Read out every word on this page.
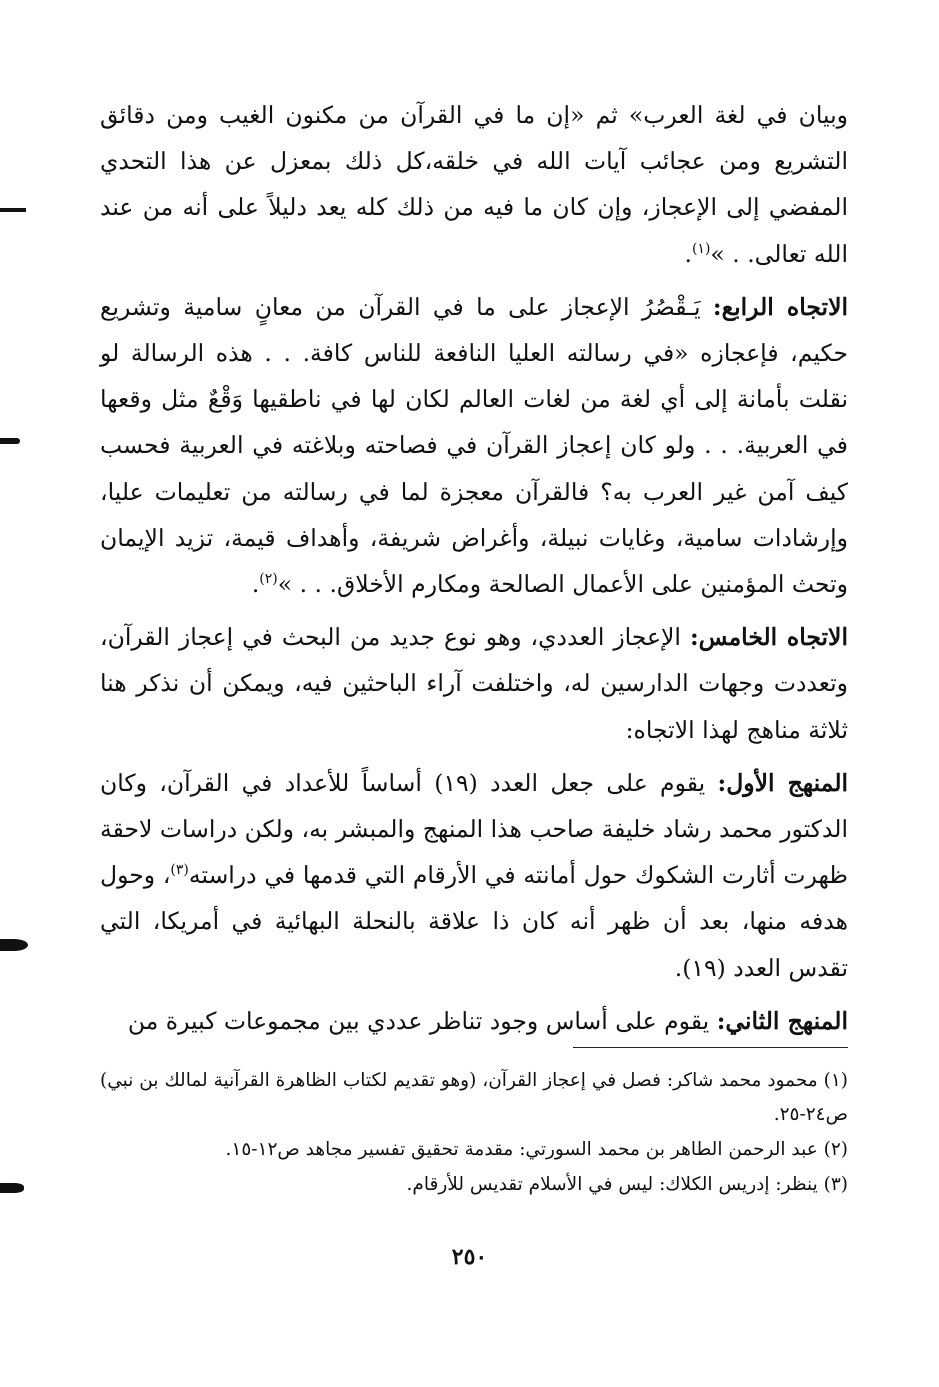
وبيان في لغة العرب» ثم «إن ما في القرآن من مكنون الغيب ومن دقائق التشريع ومن عجائب آيات الله في خلقه،كل ذلك بمعزل عن هذا التحدي المفضي إلى الإعجاز، وإن كان ما فيه من ذلك كله يعد دليلاً على أنه من عند الله تعالى. . »$^{(١)}$.

الاتجاه الرابع: يَـقْصُرُ الإعجاز على ما في القرآن من معانٍ سامية وتشريع حكيم، فإعجازه «في رسالته العليا النافعة للناس كافة. . . هذه الرسالة لو نقلت بأمانة إلى أي لغة من لغات العالم لكان لها في ناطقيها وَقْعٌ مثل وقعها في العربية. . . ولو كان إعجاز القرآن في فصاحته وبلاغته في العربية فحسب كيف آمن غير العرب به؟ فالقرآن معجزة لما في رسالته من تعليمات عليا، وإرشادات سامية، وغايات نبيلة، وأغراض شريفة، وأهداف قيمة، تزيد الإيمان وتحث المؤمنين على الأعمال الصالحة ومكارم الأخلاق. . . »$^{(٢)}$.

الاتجاه الخامس: الإعجاز العددي، وهو نوع جديد من البحث في إعجاز القرآن، وتعددت وجهات الدارسين له، واختلفت آراء الباحثين فيه، ويمكن أن نذكر هنا ثلاثة مناهج لهذا الاتجاه:

المنهج الأول: يقوم على جعل العدد (١٩) أساساً للأعداد في القرآن، وكان الدكتور محمد رشاد خليفة صاحب هذا المنهج والمبشر به، ولكن دراسات لاحقة ظهرت أثارت الشكوك حول أمانته في الأرقام التي قدمها في دراسته$^{(٣)}$، وحول هدفه منها، بعد أن ظهر أنه كان ذا علاقة بالنحلة البهائية في أمريكا، التي تقدس العدد (١٩).

المنهج الثاني: يقوم على أساس وجود تناظر عددي بين مجموعات كبيرة من

(١) محمود محمد شاكر: فصل في إعجاز القرآن، (وهو تقديم لكتاب الظاهرة القرآنية لمالك بن نبي) ص٢٤-٢٥.

(٢) عبد الرحمن الطاهر بن محمد السورتي: مقدمة تحقيق تفسير مجاهد ص١٢-١٥.

(٣) ينظر: إدريس الكلاك: ليس في الأسلام تقديس للأرقام.

٢٥٠
